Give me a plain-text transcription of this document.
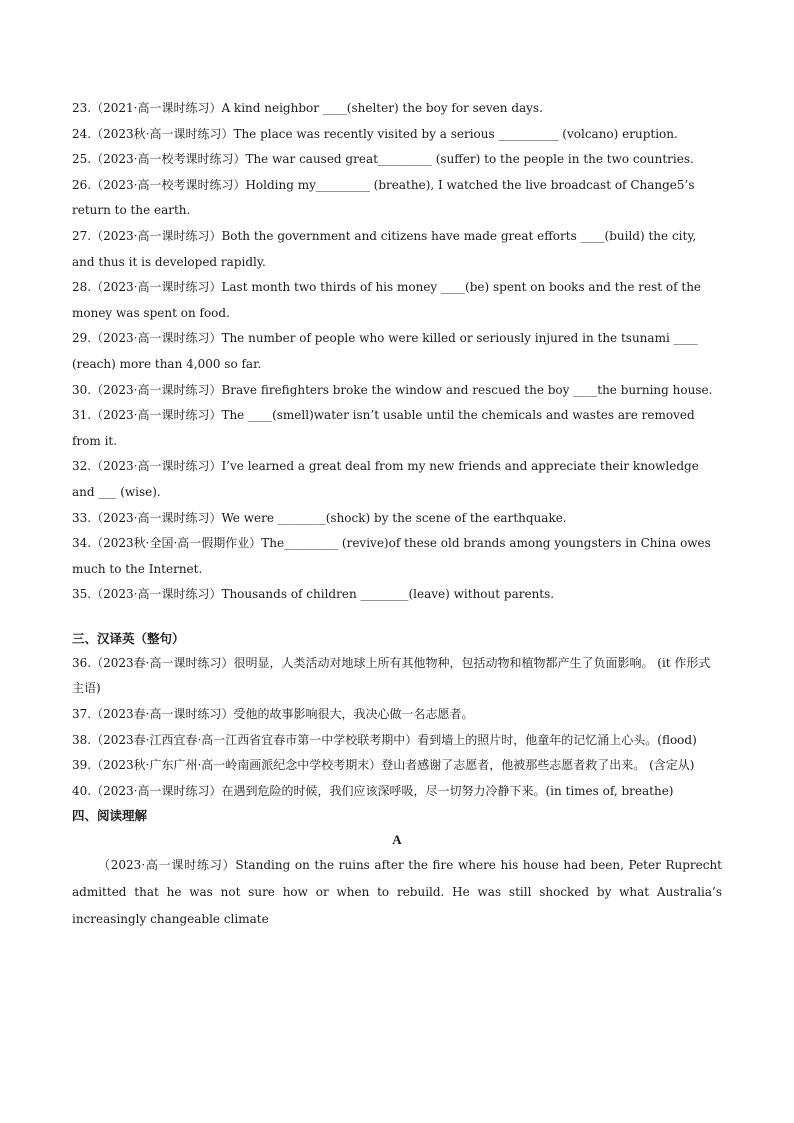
23.（2021·高一课时练习）A kind neighbor ____(shelter) the boy for seven days.

24.（2023秋·高一课时练习）The place was recently visited by a serious __________ (volcano) eruption.

25.（2023·高一校考课时练习）The war caused great_________ (suffer) to the people in the two countries.

26.（2023·高一校考课时练习）Holding my_________ (breathe), I watched the live broadcast of Change5’s return to the earth.

27.（2023·高一课时练习）Both the government and citizens have made great efforts ____(build) the city, and thus it is developed rapidly.

28.（2023·高一课时练习）Last month two thirds of his money ____(be) spent on books and the rest of the money was spent on food.

29.（2023·高一课时练习）The number of people who were killed or seriously injured in the tsunami ____ (reach) more than 4,000 so far.

30.（2023·高一课时练习）Brave firefighters broke the window and rescued the boy ____the burning house.

31.（2023·高一课时练习）The ____(smell)water isn’t usable until the chemicals and wastes are removed from it.

32.（2023·高一课时练习）I’ve learned a great deal from my new friends and appreciate their knowledge and ___ (wise).

33.（2023·高一课时练习）We were ________(shock) by the scene of the earthquake.

34.（2023秋·全国·高一假期作业）The_________ (revive)of these old brands among youngsters in China owes much to the Internet.

35.（2023·高一课时练习）Thousands of children ________(leave) without parents.

三、汉译英（整句）

36.（2023春·高一课时练习）很明显，人类活动对地球上所有其他物种，包括动物和植物都产生了负面影响。 (it 作形式主语)

37.（2023春·高一课时练习）受他的故事影响很大，我决心做一名志愿者。

38.（2023春·江西宜春·高一江西省宜春市第一中学校联考期中）看到墙上的照片时，他童年的记忆涌上心头。(flood)

39.（2023秋·广东广州·高一岭南画派纪念中学校考期末）登山者感谢了志愿者，他被那些志愿者救了出来。 (含定从)

40.（2023·高一课时练习）在遇到危险的时候，我们应该深呼吸，尽一切努力冷静下来。(in times of, breathe)

四、阅读理解

A

（2023·高一课时练习）Standing on the ruins after the fire where his house had been, Peter Ruprecht admitted that he was not sure how or when to rebuild. He was still shocked by what Australia’s increasingly changeable climate
